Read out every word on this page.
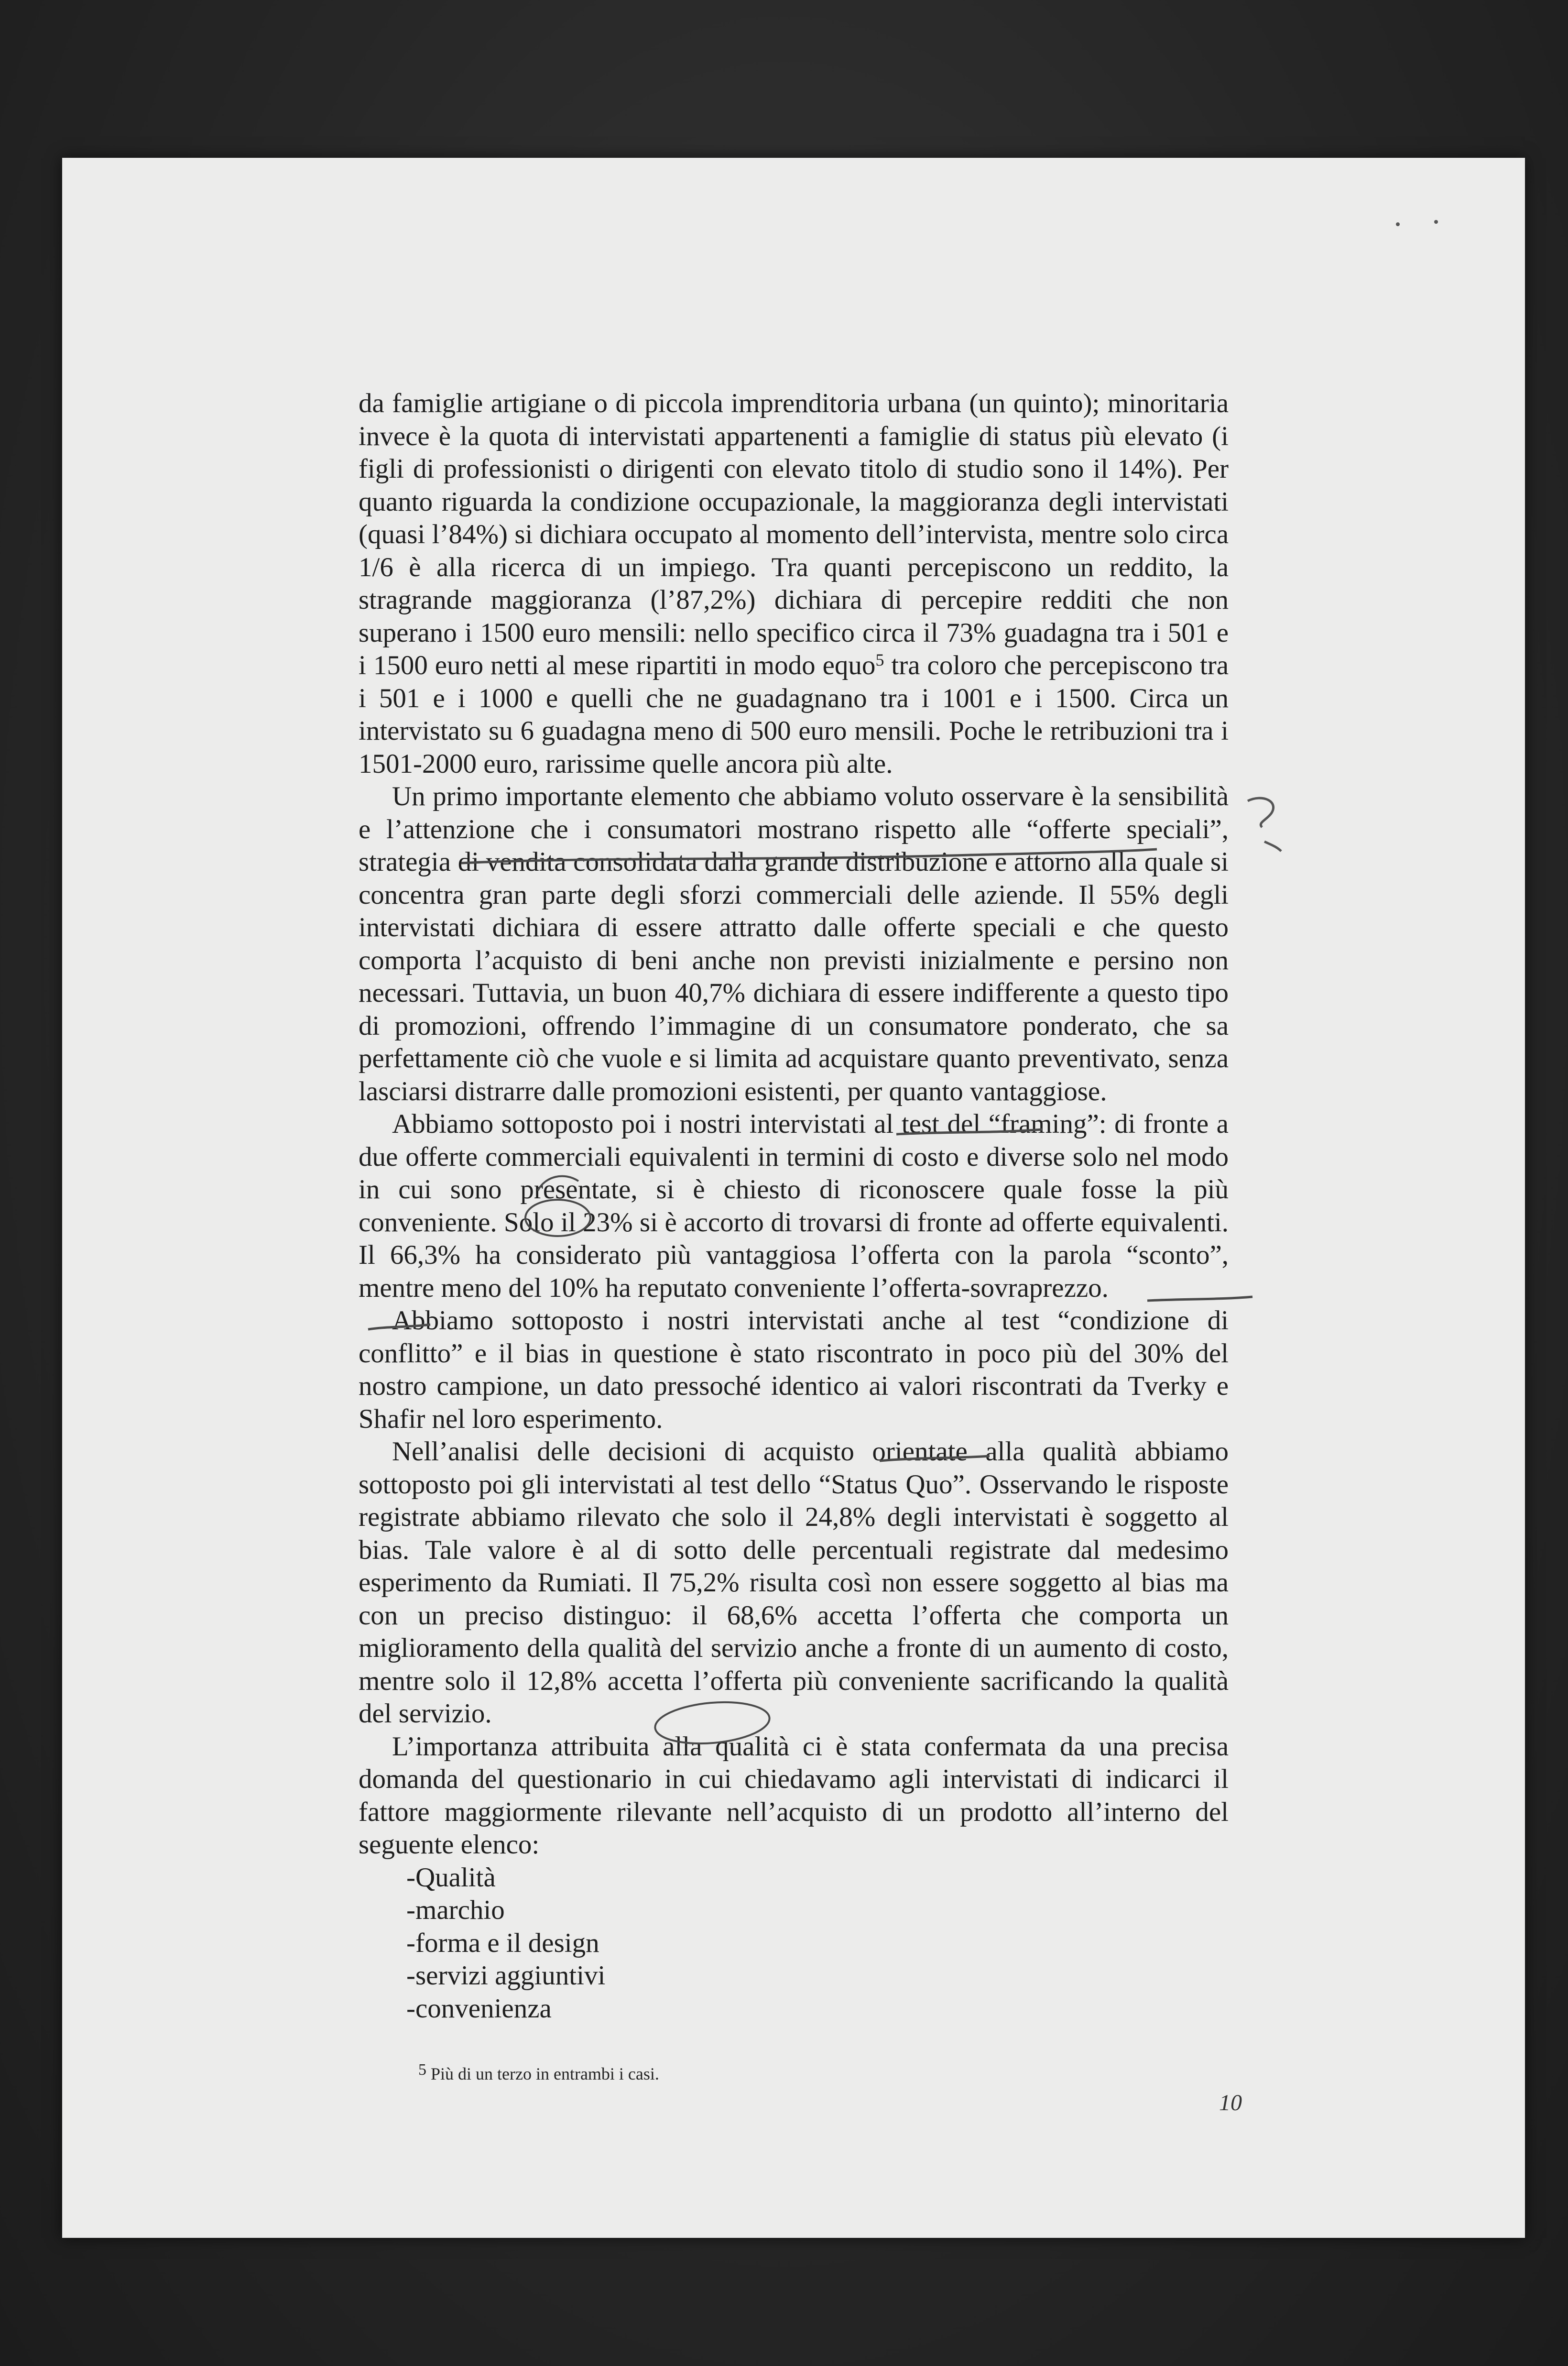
da famiglie artigiane o di piccola imprenditoria urbana (un quinto); minoritaria invece è la quota di intervistati appartenenti a famiglie di status più elevato (i figli di professionisti o dirigenti con elevato titolo di studio sono il 14%). Per quanto riguarda la condizione occupazionale, la maggioranza degli intervistati (quasi l’84%) si dichiara occupato al momento dell’intervista, mentre solo circa 1/6 è alla ricerca di un impiego. Tra quanti percepiscono un reddito, la stragrande maggioranza (l’87,2%) dichiara di percepire redditi che non superano i 1500 euro mensili: nello specifico circa il 73% guadagna tra i 501 e i 1500 euro netti al mese ripartiti in modo equo$^5$ tra coloro che percepiscono tra i 501 e i 1000 e quelli che ne guadagnano tra i 1001 e i 1500. Circa un intervistato su 6 guadagna meno di 500 euro mensili. Poche le retribuzioni tra i 1501-2000 euro, rarissime quelle ancora più alte.

Un primo importante elemento che abbiamo voluto osservare è la sensibilità e l’attenzione che i consumatori mostrano rispetto alle “offerte speciali”, strategia di vendita consolidata dalla grande distribuzione e attorno alla quale si concentra gran parte degli sforzi commerciali delle aziende. Il 55% degli intervistati dichiara di essere attratto dalle offerte speciali e che questo comporta l’acquisto di beni anche non previsti inizialmente e persino non necessari. Tuttavia, un buon 40,7% dichiara di essere indifferente a questo tipo di promozioni, offrendo l’immagine di un consumatore ponderato, che sa perfettamente ciò che vuole e si limita ad acquistare quanto preventivato, senza lasciarsi distrarre dalle promozioni esistenti, per quanto vantaggiose.

Abbiamo sottoposto poi i nostri intervistati al test del “framing”: di fronte a due offerte commerciali equivalenti in termini di costo e diverse solo nel modo in cui sono presentate, si è chiesto di riconoscere quale fosse la più conveniente. Solo il 23% si è accorto di trovarsi di fronte ad offerte equivalenti. Il 66,3% ha considerato più vantaggiosa l’offerta con la parola “sconto”, mentre meno del 10% ha reputato conveniente l’offerta-sovraprezzo.

Abbiamo sottoposto i nostri intervistati anche al test “condizione di conflitto” e il bias in questione è stato riscontrato in poco più del 30% del nostro campione, un dato pressoché identico ai valori riscontrati da Tverky e Shafir nel loro esperimento.

Nell’analisi delle decisioni di acquisto orientate alla qualità abbiamo sottoposto poi gli intervistati al test dello “Status Quo”. Osservando le risposte registrate abbiamo rilevato che solo il 24,8% degli intervistati è soggetto al bias. Tale valore è al di sotto delle percentuali registrate dal medesimo esperimento da Rumiati. Il 75,2% risulta così non essere soggetto al bias ma con un preciso distinguo: il 68,6% accetta l’offerta che comporta un miglioramento della qualità del servizio anche a fronte di un aumento di costo, mentre solo il 12,8% accetta l’offerta più conveniente sacrificando la qualità del servizio.

L’importanza attribuita alla qualità ci è stata confermata da una precisa domanda del questionario in cui chiedavamo agli intervistati di indicarci il fattore maggiormente rilevante nell’acquisto di un prodotto all’interno del seguente elenco:

-Qualità
-marchio
-forma e il design
-servizi aggiuntivi
-convenienza
$^5$ Più di un terzo in entrambi i casi.
10
